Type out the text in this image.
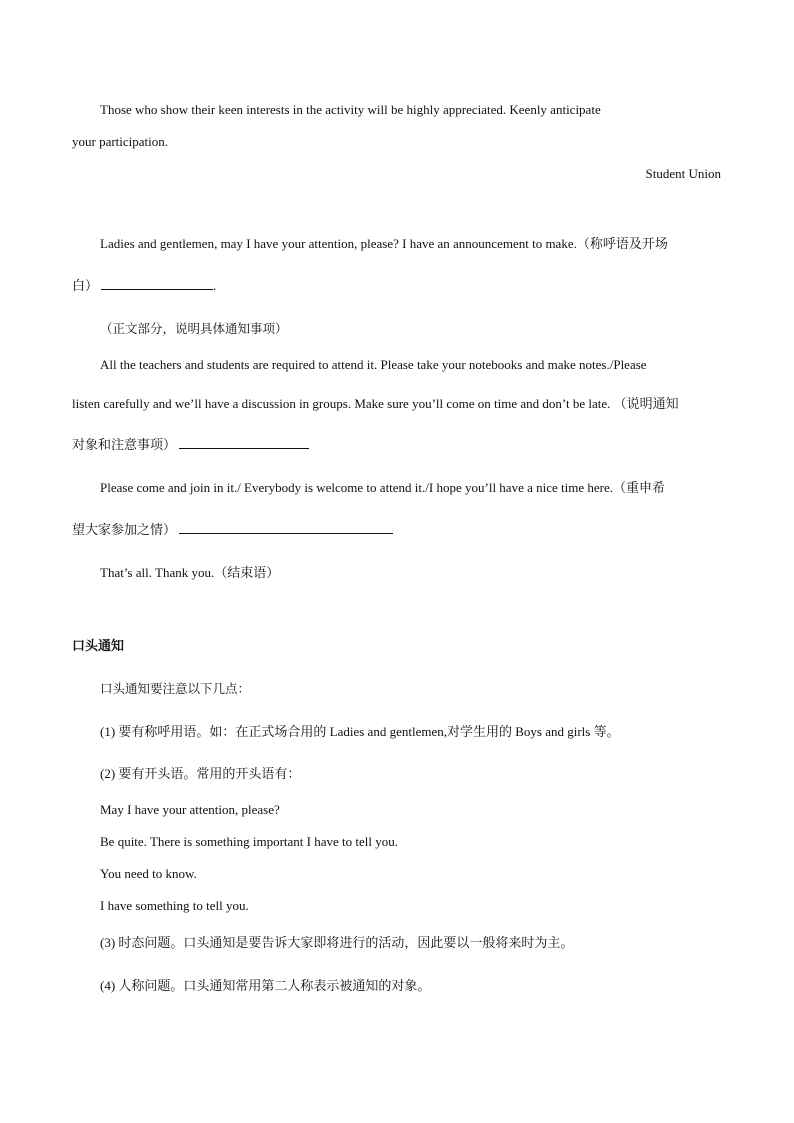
Those who show their keen interests in the activity will be highly appreciated. Keenly anticipate
your participation.
Student Union
Ladies and gentlemen, may I have your attention, please? I have an announcement to make.（称呼语及开场
白）	.
（正文部分，说明具体通知事项）
All the teachers and students are required to attend it. Please take your notebooks and make notes./Please
listen carefully and we’ll have a discussion in groups. Make sure you’ll come on time and don’t be late. （说明通知
对象和注意事项）
Please come and join in it./ Everybody is welcome to attend it./I hope you’ll have a nice time here.（重申希
望大家参加之情）
That’s all. Thank you.（结束语）
口头通知
口头通知要注意以下几点：
(1) 要有称呼用语。如：在正式场合用的 Ladies and gentlemen,对学生用的 Boys and girls 等。
(2) 要有开头语。常用的开头语有：
May I have your attention, please?
Be quite. There is something important I have to tell you.
You need to know.
I have something to tell you.
(3) 时态问题。口头通知是要告诉大家即将进行的活动，因此要以一般将来时为主。
(4) 人称问题。口头通知常用第二人称表示被通知的对象。
